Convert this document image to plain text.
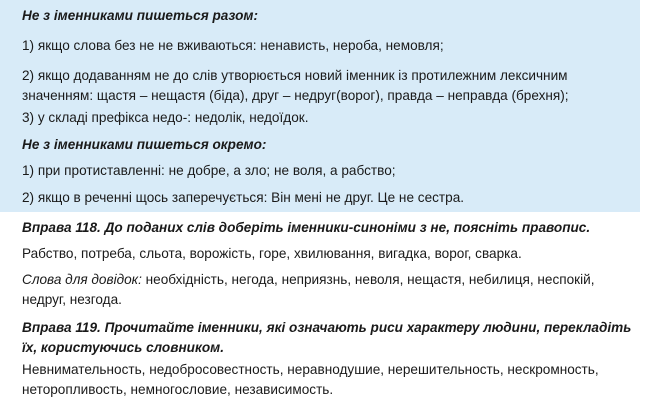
Не з іменниками пишеться разом:
1) якщо слова без не не вживаються: ненависть, нероба, немовля;
2) якщо додаванням не до слів утворюється новий іменник із протилежним лексичним значенням: щастя – нещастя (біда), друг – недруг(ворог), правда – неправда (брехня);
3) у складі префікса недо-: недолік, недоїдок.
Не з іменниками пишеться окремо:
1) при протиставленні: не добре, а зло; не воля, а рабство;
2) якщо в реченні щось заперечується: Він мені не друг. Це не сестра.
Вправа 118. До поданих слів доберіть іменники-синоніми з не, поясніть правопис.
Рабство, потреба, сльота, ворожість, горе, хвилювання, вигадка, ворог, сварка.
Слова для довідок: необхідність, негода, неприязнь, неволя, нещастя, небилиця, неспокій, недруг, незгода.
Вправа 119. Прочитайте іменники, які означають риси характеру людини, перекладіть їх, користуючись словником.
Невнимательность, недобросовестность, неравнодушие, нерешительность, нескромность, неторопливость, немногословие, независимость.
